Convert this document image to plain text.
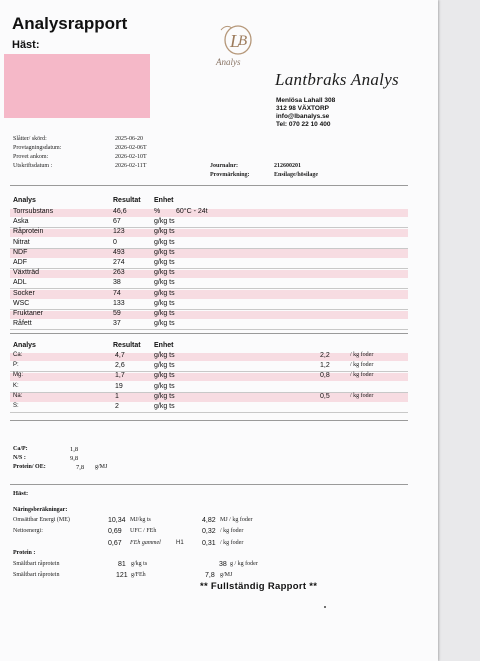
Analysrapport
Häst:	L
B
Analys
Lantbraks Analys
Menlösa Lahall 308
312 98 VÄXTORP
info@lbanalys.se
Tel: 070 22 10 400
Slåtter/ skörd:	2025-06-20
Provtagningsdatum:	2026-02-06T
Provet ankom:	2026-02-10T
Utskriftsdatum :	2026-02-11T	Journalnr:	212600201
Provmärkning:	Ensilage/hösilage
Analys	Resultat Enhet
Torrsubstans	46,6	% 60°C - 24t
Aska	67	g/kg ts
Råprotein	123	g/kg ts
Nitrat	0	g/kg ts
NDF	493	g/kg ts
ADF	274	g/kg ts
Växtträd	263	g/kg ts
ADL	38	g/kg ts
Socker	74	g/kg ts
WSC	133	g/kg ts
Fruktaner	59	g/kg ts
Råfett	37	g/kg ts
Analys	Resultat Enhet
Ca:	4,7	g/kg ts	2,2	/ kg foder
P:	2,6	g/kg ts	1,2	/ kg foder
Mg:	1,7	g/kg ts	0,8	/ kg foder
K:	19	g/kg ts
Na:	1	g/kg ts	0,5	/ kg foder
S:	2	g/kg ts
Ca/P:	1,8
N/S :	9,8
Protein/ OE:	7,8 g/MJ
Häst:
Näringsberäkningar:
Omsättbar Energi (ME)	10,34 MJ/kg ts	4,82 MJ / kg foder
Nettoenergi:	0,69 UFC / FEh	0,32 / kg foder
0,67 FEh gammel	H1	0,31 / kg foder
Protein :
Smältbart råprotein	81 g/kg ts	38 g / kg foder
Smältbart råprotein	121 g/FEh	7,8 g/MJ
** Fullständig Rapport **
